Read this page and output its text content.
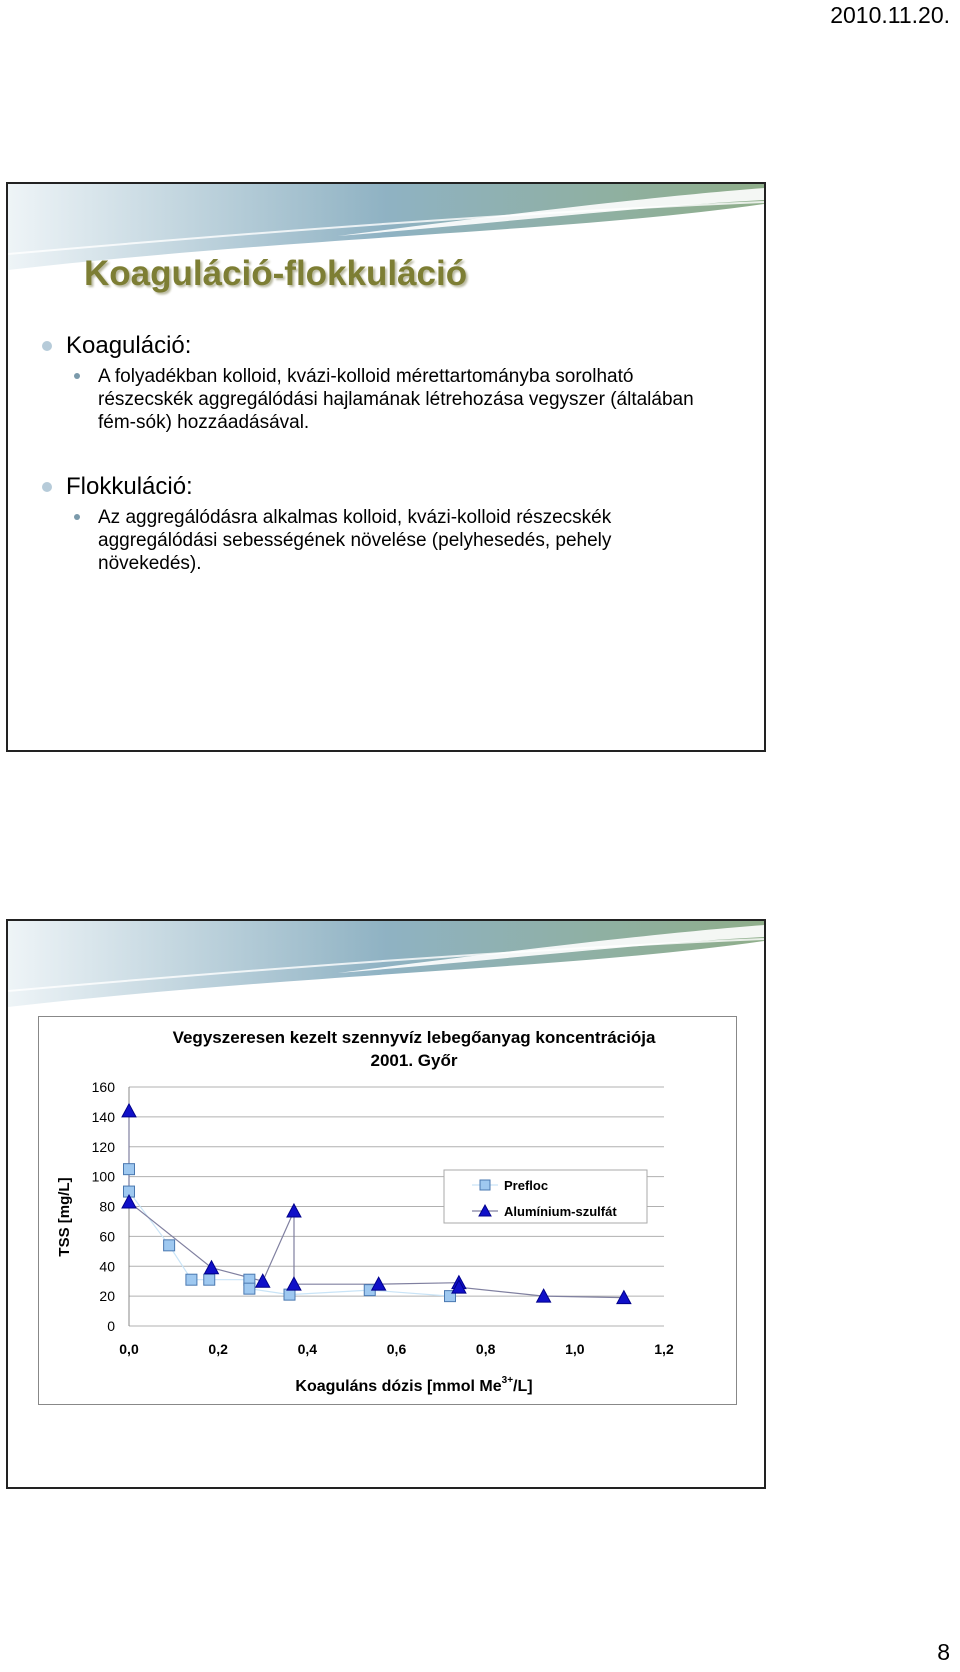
2010.11.20.
Koaguláció-flokkuláció
Koaguláció:
A folyadékban kolloid, kvázi-kolloid mérettartományba sorolható részecskék aggregálódási hajlamának létrehozása vegyszer (általában fém-sók) hozzáadásával.
Flokkuláció:
Az aggregálódásra alkalmas kolloid, kvázi-kolloid részecskék aggregálódási sebességének növelése (pelyhesedés, pehely növekedés).
Vegyszeresen kezelt szennyvíz lebegőanyag koncentrációja
2001. Győr
160
140
120
100
80
60
40
20
0
0,0	0,2	0,4	0,6	0,8	1,0	1,2
TSS [mg/L]
Koaguláns dózis [mmol $Me^{3+}/L$]
Prefloc
Alumínium-szulfát
8
